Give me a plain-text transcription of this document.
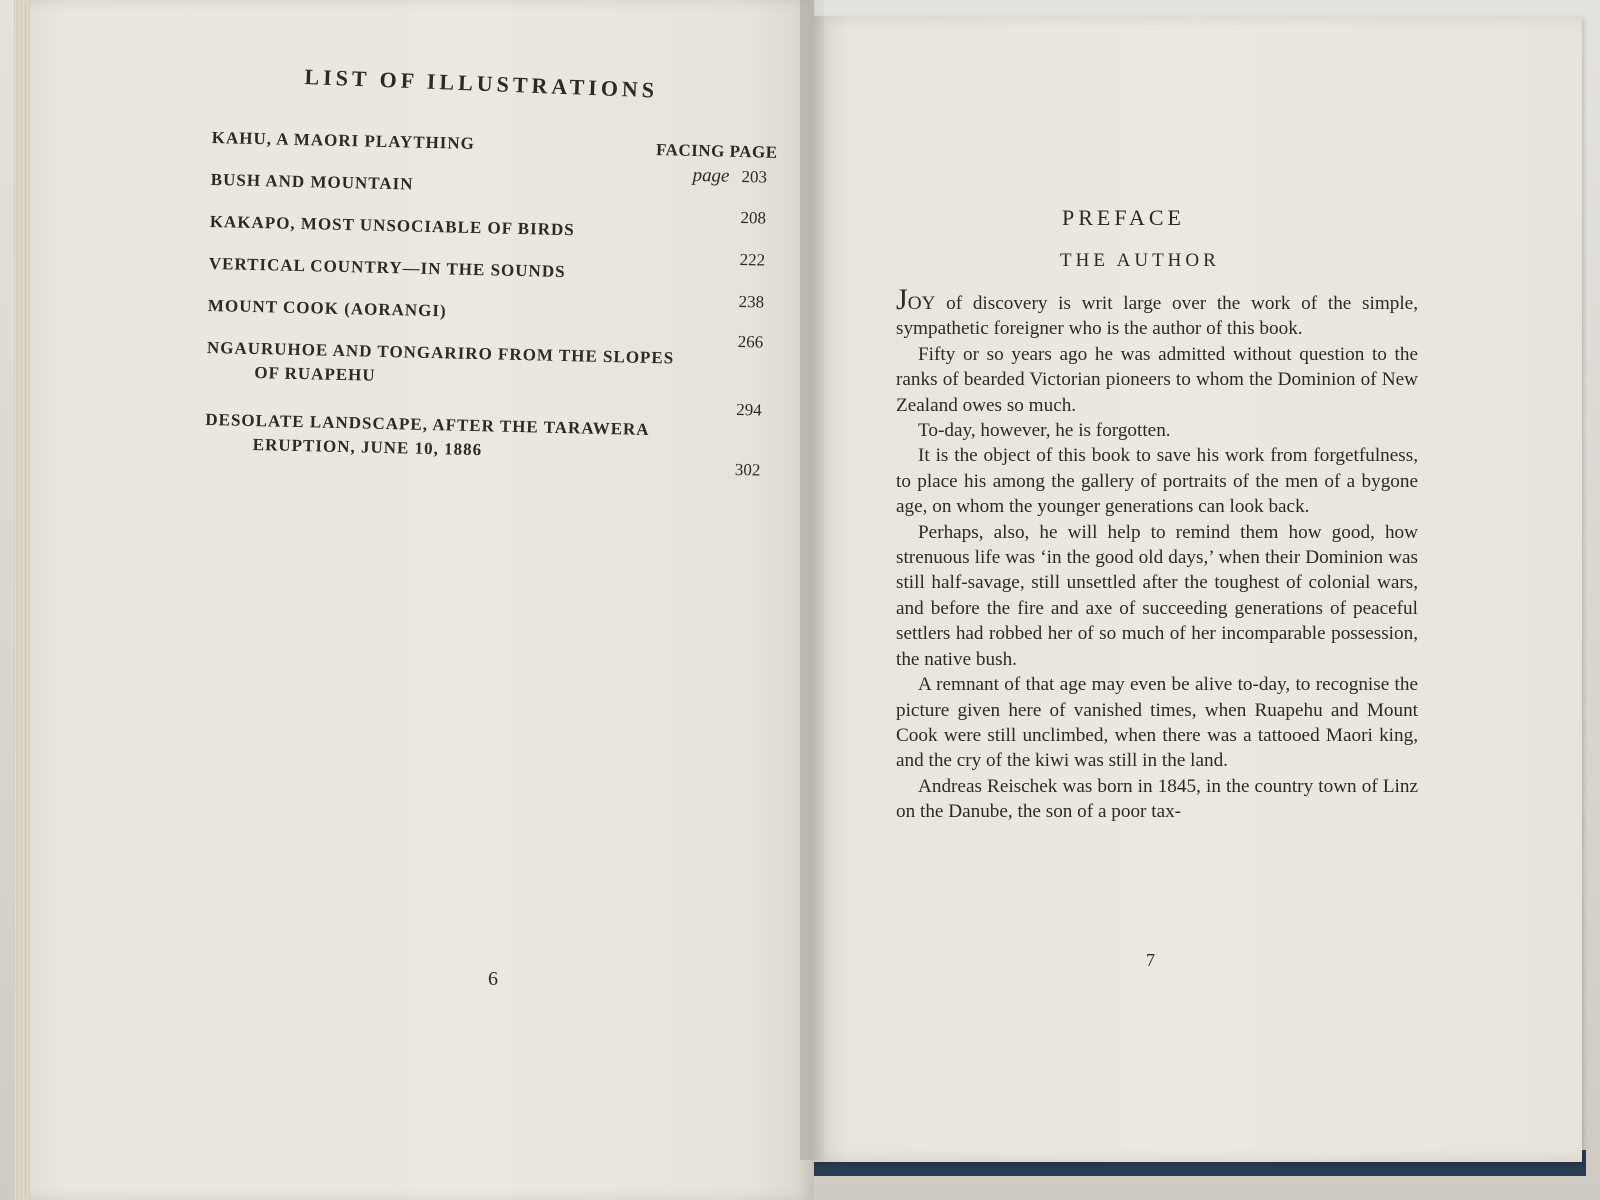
LIST OF ILLUSTRATIONS
FACING PAGE
KAHU, A MAORI PLAYTHING
page 203
BUSH AND MOUNTAIN
208
KAKAPO, MOST UNSOCIABLE OF BIRDS
222
VERTICAL COUNTRY—IN THE SOUNDS
238
MOUNT COOK (AORANGI)
266
NGAURUHOE AND TONGARIRO FROM THE SLOPES
OF RUAPEHU
294
DESOLATE LANDSCAPE, AFTER THE TARAWERA
ERUPTION, JUNE 10, 1886
302
6
PREFACE
THE AUTHOR

JOY of discovery is writ large over the work of the simple, sympathetic foreigner who is the author of this book.

Fifty or so years ago he was admitted without question to the ranks of bearded Victorian pioneers to whom the Dominion of New Zealand owes so much.

To-day, however, he is forgotten.

It is the object of this book to save his work from forgetfulness, to place his among the gallery of portraits of the men of a bygone age, on whom the younger generations can look back.

Perhaps, also, he will help to remind them how good, how strenuous life was ‘in the good old days,’ when their Dominion was still half-savage, still unsettled after the toughest of colonial wars, and before the fire and axe of succeeding generations of peaceful settlers had robbed her of so much of her incomparable possession, the native bush.

A remnant of that age may even be alive to-day, to recognise the picture given here of vanished times, when Ruapehu and Mount Cook were still unclimbed, when there was a tattooed Maori king, and the cry of the kiwi was still in the land.

Andreas Reischek was born in 1845, in the country town of Linz on the Danube, the son of a poor tax-

7
